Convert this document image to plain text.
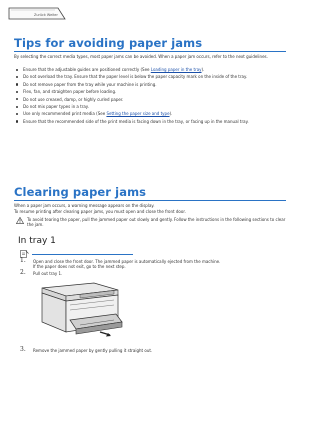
Zurück Weiter
Tips for avoiding paper jams

By selecting the correct media types, most paper jams can be avoided. When a paper jam occurs, refer to the next guidelines.

Ensure that the adjustable guides are positioned correctly (See Loading paper in the tray).
Do not overload the tray. Ensure that the paper level is below the paper capacity mark on the inside of the tray.
Do not remove paper from the tray while your machine is printing.
Flex, fan, and straighten paper before loading.
Do not use creased, damp, or highly curled paper.
Do not mix paper types in a tray.
Use only recommended print media (See Setting the paper size and type).
Ensure that the recommended side of the print media is facing down in the tray, or facing up in the manual tray.
Clearing paper jams

When a paper jam occurs, a warning message appears on the display.

To resume printing after clearing paper jams, you must open and close the front door.

To avoid tearing the paper, pull the jammed paper out slowly and gently. Follow the instructions in the following sections to clear the jam.
In tray 1
1. Open and close the front door. The jammed paper is automatically ejected from the machine.
If the paper does not exit, go to the next step.
2. Pull out tray 1.
3. Remove the jammed paper by gently pulling it straight out.
